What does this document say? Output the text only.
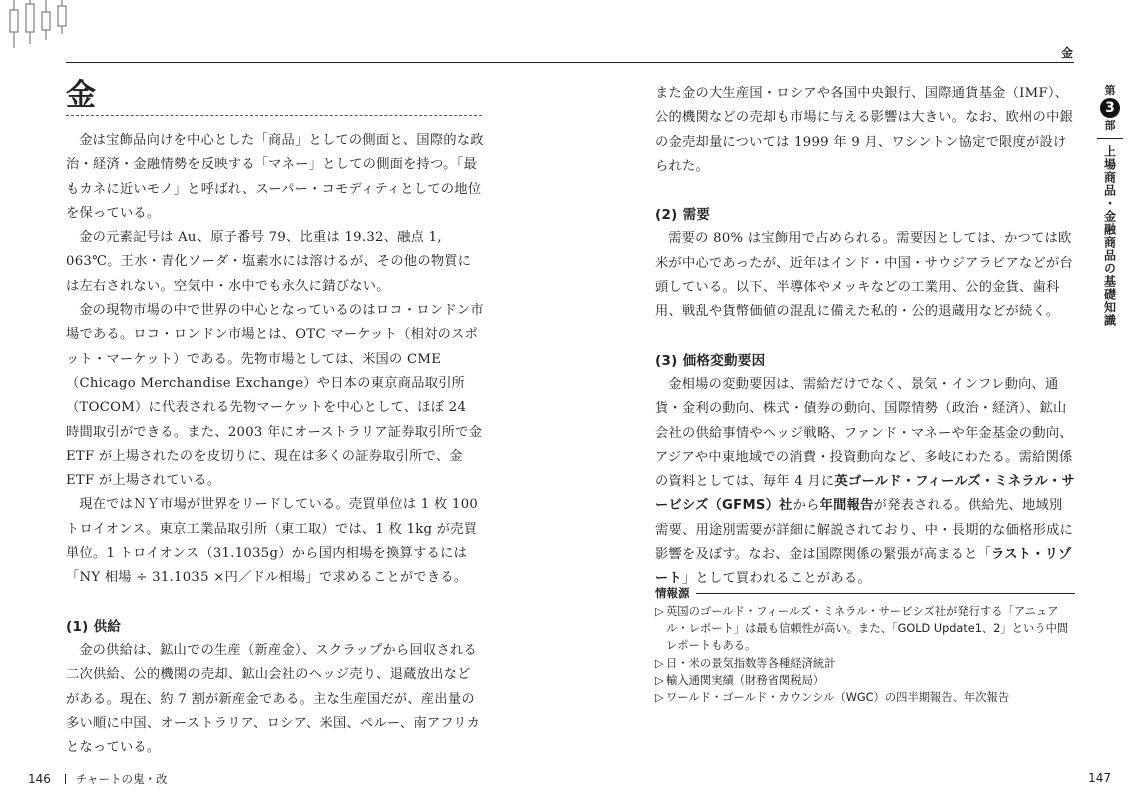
金
金

金は宝飾品向けを中心とした「商品」としての側面と、国際的な政治・経済・金融情勢を反映する「マネー」としての側面を持つ。「最もカネに近いモノ」と呼ばれ、スーパー・コモディティとしての地位を保っている。

金の元素記号は Au、原子番号 79、比重は 19.32、融点 1, 063℃。王水・青化ソーダ・塩素水には溶けるが、その他の物質には左右されない。空気中・水中でも永久に錆びない。

金の現物市場の中で世界の中心となっているのはロコ・ロンドン市場である。ロコ・ロンドン市場とは、OTC マーケット（相対のスポット・マーケット）である。先物市場としては、米国の CME（Chicago Merchandise Exchange）や日本の東京商品取引所（TOCOM）に代表される先物マーケットを中心として、ほぼ 24 時間取引ができる。また、2003 年にオーストラリア証券取引所で金 ETF が上場されたのを皮切りに、現在は多くの証券取引所で、金 ETF が上場されている。

現在ではＮＹ市場が世界をリードしている。売買単位は 1 枚 100 トロイオンス。東京工業品取引所（東工取）では、1 枚 1kg が売買単位。1 トロイオンス（31.1035g）から国内相場を換算するには「NY 相場 ÷ 31.1035 ×円／ドル相場」で求めることができる。

(1) 供給

金の供給は、鉱山での生産（新産金）、スクラップから回収される二次供給、公的機関の売却、鉱山会社のヘッジ売り、退蔵放出などがある。現在、約 7 割が新産金である。主な生産国だが、産出量の多い順に中国、オーストラリア、ロシア、米国、ペルー、南アフリカとなっている。

また金の大生産国・ロシアや各国中央銀行、国際通貨基金（IMF）、公的機関などの売却も市場に与える影響は大きい。なお、欧州の中銀の金売却量については 1999 年 9 月、ワシントン協定で限度が設けられた。

(2) 需要

需要の 80% は宝飾用で占められる。需要因としては、かつては欧米が中心であったが、近年はインド・中国・サウジアラビアなどが台頭している。以下、半導体やメッキなどの工業用、公的金貨、歯科用、戦乱や貨幣価値の混乱に備えた私的・公的退蔵用などが続く。

(3) 価格変動要因

金相場の変動要因は、需給だけでなく、景気・インフレ動向、通貨・金利の動向、株式・債券の動向、国際情勢（政治・経済）、鉱山会社の供給事情やヘッジ戦略、ファンド・マネーや年金基金の動向、アジアや中東地域での消費・投資動向など、多岐にわたる。需給関係の資料としては、毎年 4 月に英ゴールド・フィールズ・ミネラル・サービシズ（GFMS）社から年間報告が発表される。供給先、地域別需要、用途別需要が詳細に解説されており、中・長期的な価格形成に影響を及ぼす。なお、金は国際関係の緊張が高まると「ラスト・リゾート」として買われることがある。

情報源
▷ 英国のゴールド・フィールズ・ミネラル・サービシズ社が発行する「アニュアル・レポート」は最も信頼性が高い。また、「GOLD Update1、2」という中間レポートもある。
▷ 日・米の景気指数等各種経済統計
▷ 輸入通関実績（財務省関税局）
▷ ワールド・ゴールド・カウンシル（WGC）の四半期報告、年次報告
第
3
部
上場商品・金融商品の基礎知識
146 チャートの鬼・改	147
